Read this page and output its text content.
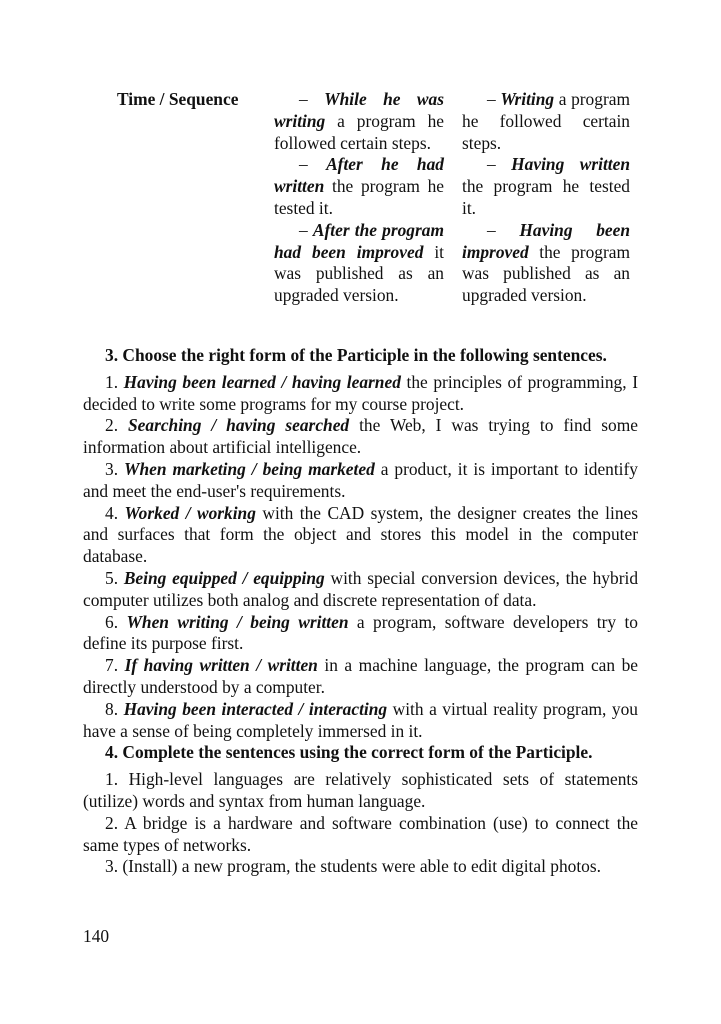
Time / Sequence	– While he was writing a program he followed certain steps.

– After he had written the program he tested it.

– After the program had been improved it was published as an upgraded version.

– Writing a program he followed certain steps.

– Having written the program he tested it.

– Having been improved the program was published as an upgraded version.

3. Choose the right form of the Participle in the following sentences.

1. Having been learned / having learned the principles of programming, I decided to write some programs for my course project.

2. Searching / having searched the Web, I was trying to find some information about artificial intelligence.

3. When marketing / being marketed a product, it is important to identify and meet the end-user's requirements.

4. Worked / working with the CAD system, the designer creates the lines and surfaces that form the object and stores this model in the computer database.

5. Being equipped / equipping with special conversion devices, the hybrid computer utilizes both analog and discrete representation of data.

6. When writing / being written a program, software developers try to define its purpose first.

7. If having written / written in a machine language, the program can be directly understood by a computer.

8. Having been interacted / interacting with a virtual reality program, you have a sense of being completely immersed in it.

4. Complete the sentences using the correct form of the Participle.

1. High-level languages are relatively sophisticated sets of statements (utilize) words and syntax from human language.

2. A bridge is a hardware and software combination (use) to connect the same types of networks.

3. (Install) a new program, the students were able to edit digital photos.

140
